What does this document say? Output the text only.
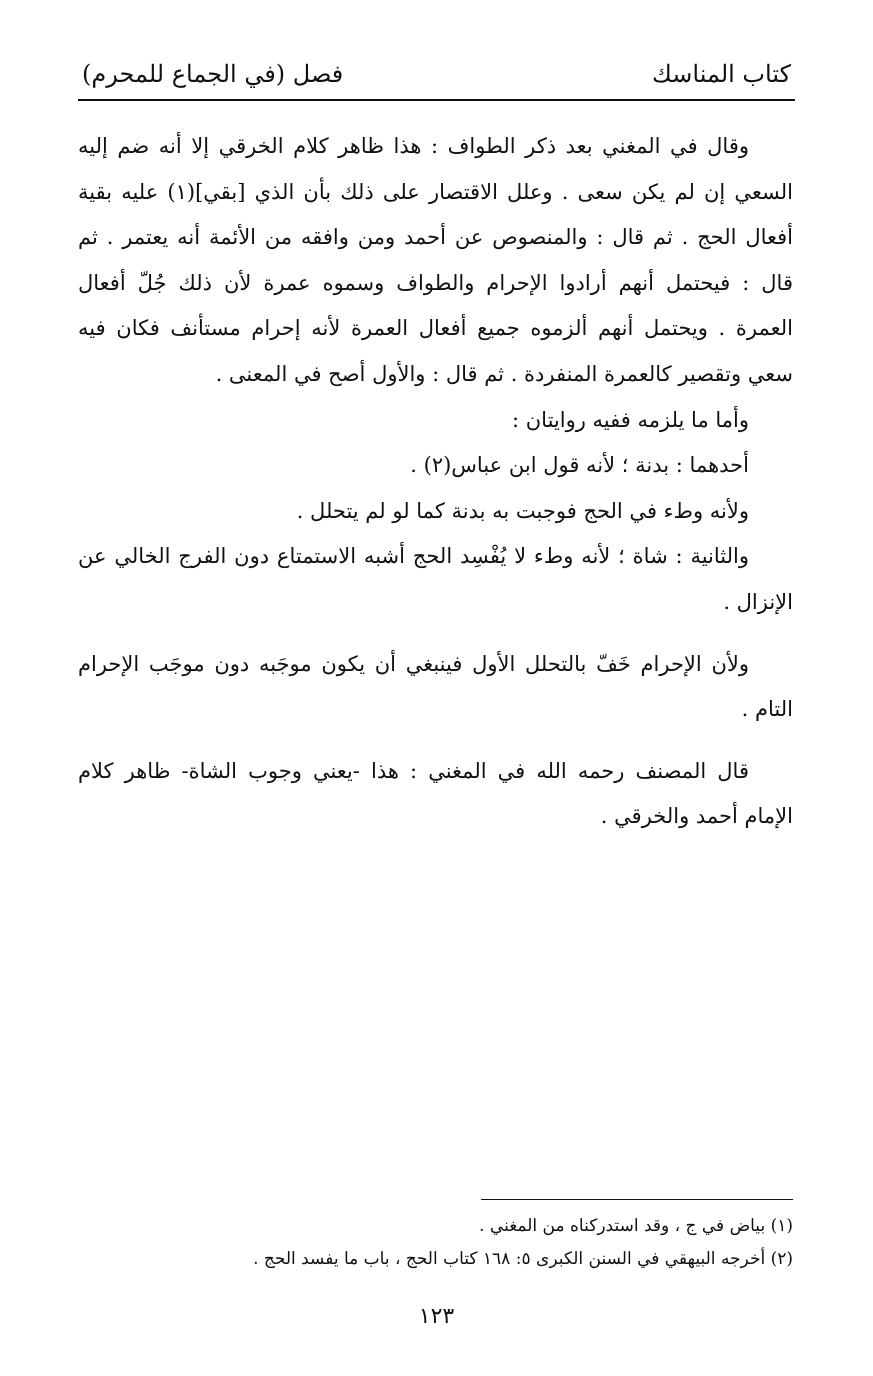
كتاب المناسك
فصل (في الجماع للمحرم)

وقال في المغني بعد ذكر الطواف : هذا ظاهر كلام الخرقي إلا أنه ضم إليه السعي إن لم يكن سعى . وعلل الاقتصار على ذلك بأن الذي [بقي](١) عليه بقية أفعال الحج . ثم قال : والمنصوص عن أحمد ومن وافقه من الأئمة أنه يعتمر . ثم قال : فيحتمل أنهم أرادوا الإحرام والطواف وسموه عمرة لأن ذلك جُلّ أفعال العمرة . ويحتمل أنهم ألزموه جميع أفعال العمرة لأنه إحرام مستأنف فكان فيه سعي وتقصير كالعمرة المنفردة . ثم قال : والأول أصح في المعنى .

وأما ما يلزمه ففيه روايتان :

أحدهما : بدنة ؛ لأنه قول ابن عباس(٢) .

ولأنه وطء في الحج فوجبت به بدنة كما لو لم يتحلل .

والثانية : شاة ؛ لأنه وطء لا يُفْسِد الحج أشبه الاستمتاع دون الفرج الخالي عن الإنزال .

ولأن الإحرام خَفّ بالتحلل الأول فينبغي أن يكون موجَبه دون موجَب الإحرام التام .

قال المصنف رحمه الله في المغني : هذا -يعني وجوب الشاة- ظاهر كلام الإمام أحمد والخرقي .

(١) بياض في ج ، وقد استدركناه من المغني .

(٢) أخرجه البيهقي في السنن الكبرى ٥: ١٦٨ كتاب الحج ، باب ما يفسد الحج .

١٢٣
